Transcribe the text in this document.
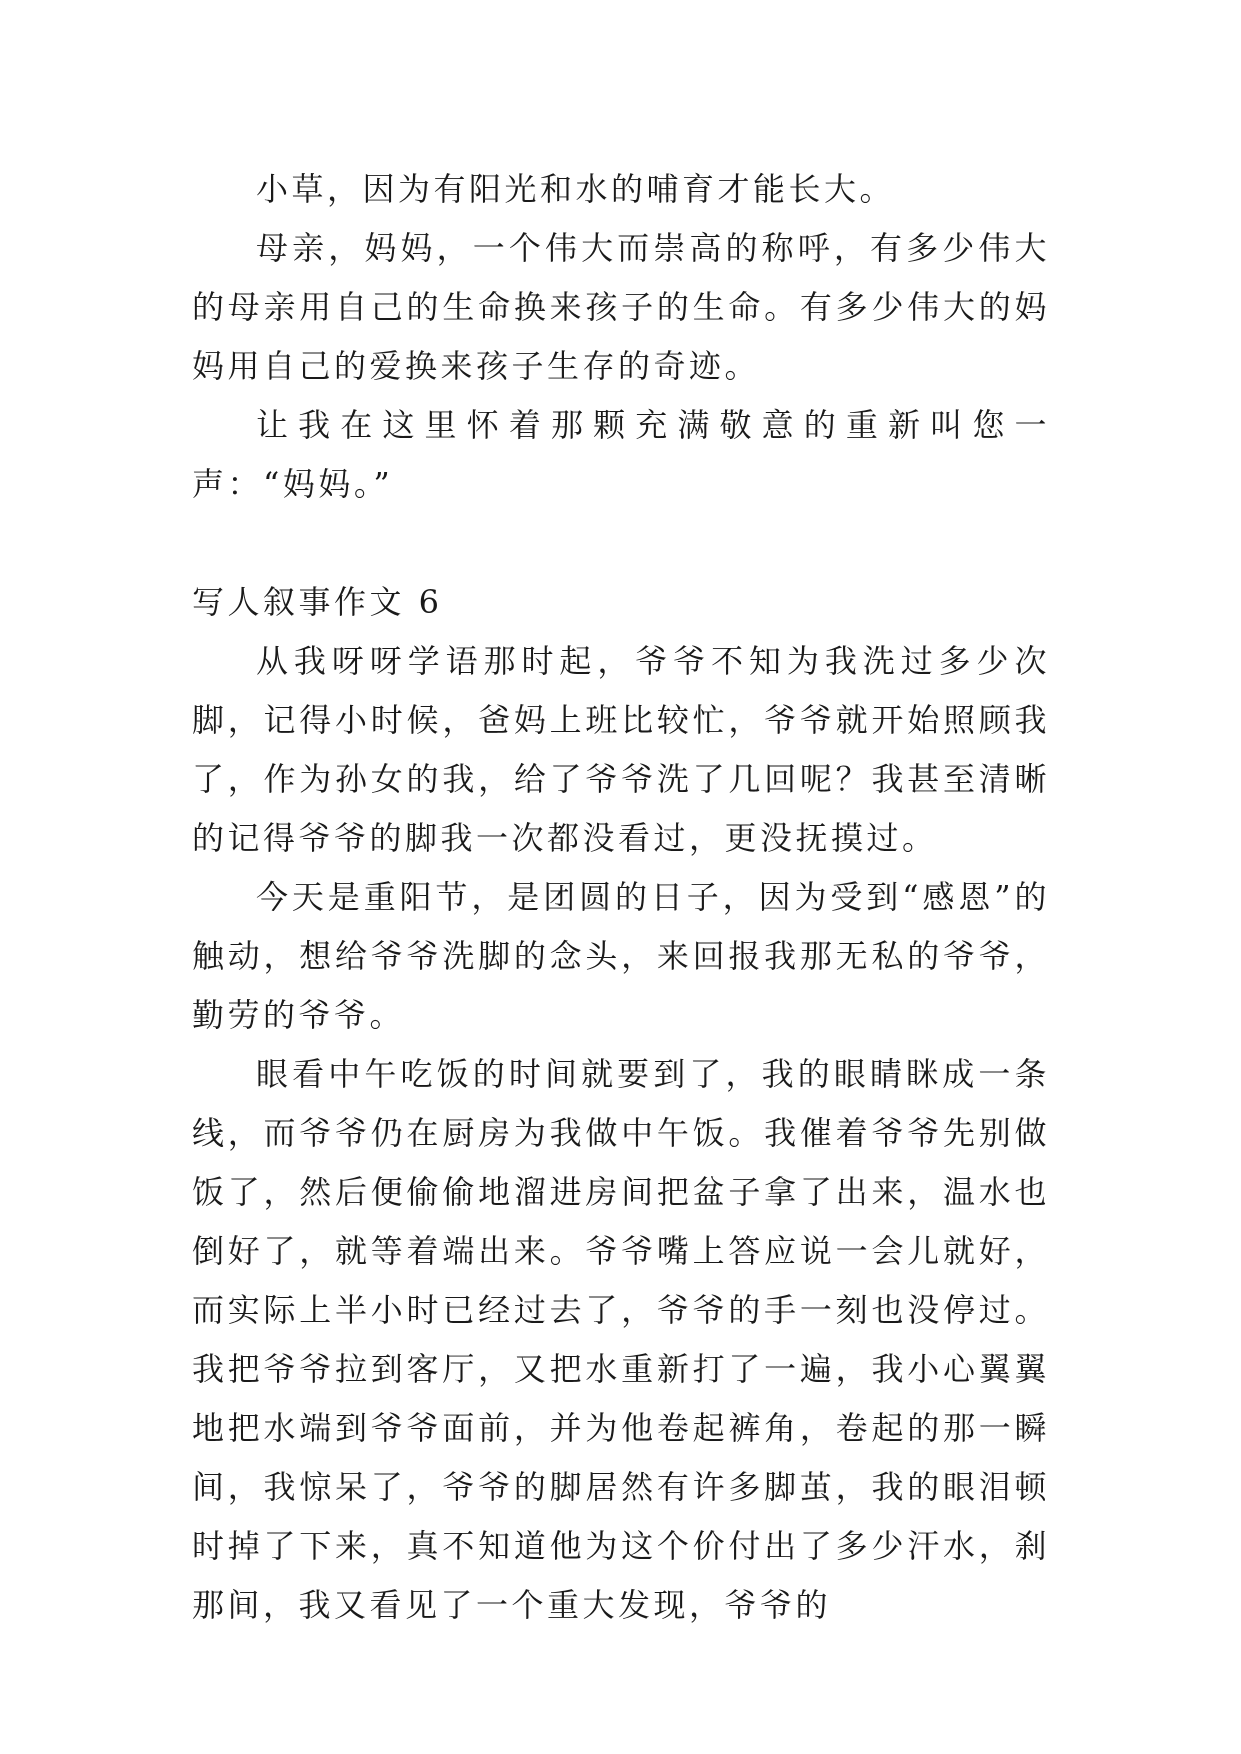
小草，因为有阳光和水的哺育才能长大。

母亲，妈妈，一个伟大而崇高的称呼，有多少伟大的母亲用自己的生命换来孩子的生命。有多少伟大的妈妈用自己的爱换来孩子生存的奇迹。

让我在这里怀着那颗充满敬意的重新叫您一声：“妈妈。”

写人叙事作文 6

从我呀呀学语那时起，爷爷不知为我洗过多少次脚，记得小时候，爸妈上班比较忙，爷爷就开始照顾我了，作为孙女的我，给了爷爷洗了几回呢？我甚至清晰的记得爷爷的脚我一次都没看过，更没抚摸过。

今天是重阳节，是团圆的日子，因为受到“感恩”的触动，想给爷爷洗脚的念头，来回报我那无私的爷爷，勤劳的爷爷。

眼看中午吃饭的时间就要到了，我的眼睛眯成一条线，而爷爷仍在厨房为我做中午饭。我催着爷爷先别做饭了，然后便偷偷地溜进房间把盆子拿了出来，温水也倒好了，就等着端出来。爷爷嘴上答应说一会儿就好，而实际上半小时已经过去了，爷爷的手一刻也没停过。我把爷爷拉到客厅，又把水重新打了一遍，我小心翼翼地把水端到爷爷面前，并为他卷起裤角，卷起的那一瞬间，我惊呆了，爷爷的脚居然有许多脚茧，我的眼泪顿时掉了下来，真不知道他为这个价付出了多少汗水，刹那间，我又看见了一个重大发现，爷爷的
